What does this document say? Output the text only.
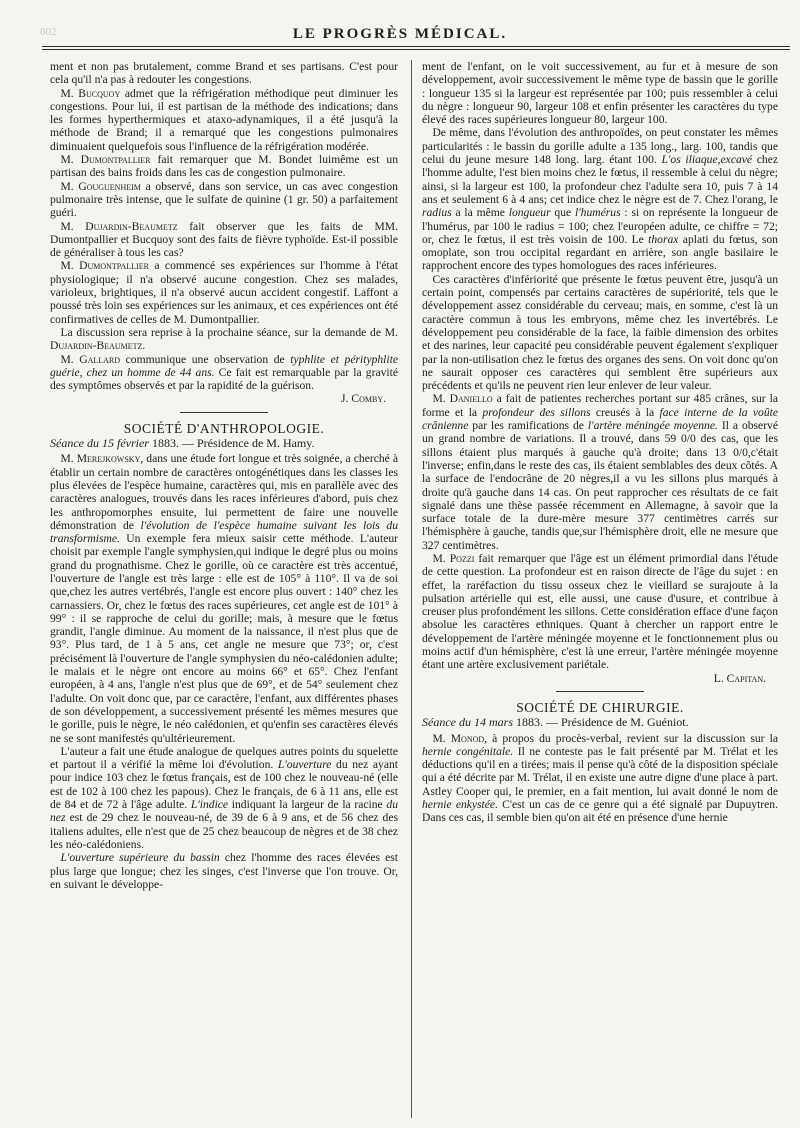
602	LE PROGRÈS MÉDICAL.

ment et non pas brutalement, comme Brand et ses partisans. C'est pour cela qu'il n'a pas à redouter les congestions.

M. Bucquoy admet que la réfrigération méthodique peut diminuer les congestions. Pour lui, il est partisan de la méthode des indications; dans les formes hyperthermiques et ataxo-adynamiques, il a été jusqu'à la méthode de Brand; il a remarqué que les congestions pulmonaires diminuaient quelquefois sous l'influence de la réfrigération modérée.

M. Dumontpallier fait remarquer que M. Bondet luimême est un partisan des bains froids dans les cas de congestion pulmonaire.

M. Gouguenheim a observé, dans son service, un cas avec congestion pulmonaire très intense, que le sulfate de quinine (1 gr. 50) a parfaitement guéri.

M. Dujardin-Beaumetz fait observer que les faits de MM. Dumontpallier et Bucquoy sont des faits de fièvre typhoïde. Est-il possible de généraliser à tous les cas?

M. Dumontpallier a commencé ses expériences sur l'homme à l'état physiologique; il n'a observé aucune congestion. Chez ses malades, varioleux, brightiques, il n'a observé aucun accident congestif. Laffont a poussé très loin ses expériences sur les animaux, et ces expériences ont été confirmatives de celles de M. Dumontpallier.

La discussion sera reprise à la prochaine séance, sur la demande de M. Dujardin-Beaumetz.

M. Gallard communique une observation de typhlite et pérityphlite guérie, chez un homme de 44 ans. Ce fait est remarquable par la gravité des symptômes observés et par la rapidité de la guérison.

J. Comby.

SOCIÉTÉ D'ANTHROPOLOGIE.

Séance du 15 février 1883. — Présidence de M. Hamy.

M. Merejkowsky, dans une étude fort longue et très soignée, a cherché à établir un certain nombre de caractères ontogénétiques dans les classes les plus élevées de l'espèce humaine, caractères qui, mis en parallèle avec des caractères analogues, trouvés dans les races inférieures d'abord, puis chez les anthropomorphes ensuite, lui permettent de faire une nouvelle démonstration de l'évolution de l'espèce humaine suivant les lois du transformisme. Un exemple fera mieux saisir cette méthode. L'auteur choisit par exemple l'angle symphysien,qui indique le degré plus ou moins grand du prognathisme. Chez le gorille, où ce caractère est très accentué, l'ouverture de l'angle est très large : elle est de 105° à 110°. Il va de soi que,chez les autres vertébrés, l'angle est encore plus ouvert : 140° chez les carnassiers. Or, chez le fœtus des races supérieures, cet angle est de 101° à 99° : il se rapproche de celui du gorille; mais, à mesure que le fœtus grandit, l'angle diminue. Au moment de la naissance, il n'est plus que de 93°. Plus tard, de 1 à 5 ans, cet angle ne mesure que 73°; or, c'est précisément là l'ouverture de l'angle symphysien du néo-calédonien adulte; le malais et le nègre ont encore au moins 66° et 65°. Chez l'enfant européen, à 4 ans, l'angle n'est plus que de 69°, et de 54° seulement chez l'adulte. On voit donc que, par ce caractère, l'enfant, aux différentes phases de son développement, a successivement présenté les mêmes mesures que le gorille, puis le nègre, le néo calédonien, et qu'enfin ses caractères élevés ne se sont manifestés qu'ultérieurement.

L'auteur a fait une étude analogue de quelques autres points du squelette et partout il a vérifié la même loi d'évolution. L'ouverture du nez ayant pour indice 103 chez le fœtus français, est de 100 chez le nouveau-né (elle est de 102 à 100 chez les papous). Chez le français, de 6 à 11 ans, elle est de 84 et de 72 à l'âge adulte. L'indice indiquant la largeur de la racine du nez est de 29 chez le nouveau-né, de 39 de 6 à 9 ans, et de 56 chez des italiens adultes, elle n'est que de 25 chez beaucoup de nègres et de 38 chez les néo-calédoniens.

L'ouverture supérieure du bassin chez l'homme des races élevées est plus large que longue; chez les singes, c'est l'inverse que l'on trouve. Or, en suivant le développe-

ment de l'enfant, on le voit successivement, au fur et à mesure de son développement, avoir successivement le même type de bassin que le gorille : longueur 135 si la largeur est représentée par 100; puis ressembler à celui du nègre : longueur 90, largeur 108 et enfin présenter les caractères du type élevé des races supérieures longueur 80, largeur 100.

De même, dans l'évolution des anthropoïdes, on peut constater les mêmes particularités : le bassin du gorille adulte a 135 long., larg. 100, tandis que celui du jeune mesure 148 long. larg. étant 100. L'os iliaque,excavé chez l'homme adulte, l'est bien moins chez le fœtus, il ressemble à celui du nègre; ainsi, si la largeur est 100, la profondeur chez l'adulte sera 10, puis 7 à 14 ans et seulement 6 à 4 ans; cet indice chez le nègre est de 7. Chez l'orang, le radius a la même longueur que l'humérus : si on représente la longueur de l'humérus, par 100 le radius = 100; chez l'européen adulte, ce chiffre = 72; or, chez le fœtus, il est très voisin de 100. Le thorax aplati du fœtus, son omoplate, son trou occipital regardant en arrière, son angle basilaire le rapprochent encore des types homologues des races inférieures.

Ces caractères d'infériorité que présente le fœtus peuvent être, jusqu'à un certain point, compensés par certains caractères de supériorité, tels que le développement assez considérable du cerveau; mais, en somme, c'est là un caractère commun à tous les embryons, même chez les invertébrés. Le développement peu considérable de la face, la faible dimension des orbites et des narines, leur capacité peu considérable peuvent également s'expliquer par la non-utilisation chez le fœtus des organes des sens. On voit donc qu'on ne saurait opposer ces caractères qui semblent être supérieurs aux précédents et qu'ils ne peuvent rien leur enlever de leur valeur.

M. Daniello a fait de patientes recherches portant sur 485 crânes, sur la forme et la profondeur des sillons creusés à la face interne de la voûte crânienne par les ramifications de l'artère méningée moyenne. Il a observé un grand nombre de variations. Il a trouvé, dans 59 0/0 des cas, que les sillons étaient plus marqués à gauche qu'à droite; dans 13 0/0,c'était l'inverse; enfin,dans le reste des cas, ils étaient semblables des deux côtés. A la surface de l'endocrâne de 20 nègres,il a vu les sillons plus marqués à droite qu'à gauche dans 14 cas. On peut rapprocher ces résultats de ce fait signalé dans une thèse passée récemment en Allemagne, à savoir que la surface totale de la dure-mère mesure 377 centimètres carrés sur l'hémisphère à gauche, tandis que,sur l'hémisphère droit, elle ne mesure que 327 centimètres.

M. Pozzi fait remarquer que l'âge est un élément primordial dans l'étude de cette question. La profondeur est en raison directe de l'âge du sujet : en effet, la raréfaction du tissu osseux chez le vieillard se surajoute à la pulsation artérielle qui est, elle aussi, une cause d'usure, et contribue à creuser plus profondément les sillons. Cette considération efface d'une façon absolue les caractères ethniques. Quant à chercher un rapport entre le développement de l'artère méningée moyenne et le fonctionnement plus ou moins actif d'un hémisphère, c'est là une erreur, l'artère méningée moyenne étant une artère exclusivement pariétale.

L. Capitan.

SOCIÉTÉ DE CHIRURGIE.

Séance du 14 mars 1883. — Présidence de M. Guéniot.

M. Monod, à propos du procès-verbal, revient sur la discussion sur la hernie congénitale. Il ne conteste pas le fait présenté par M. Trélat et les déductions qu'il en a tirées; mais il pense qu'à côté de la disposition spéciale qui a été décrite par M. Trélat, il en existe une autre digne d'une place à part. Astley Cooper qui, le premier, en a fait mention, lui avait donné le nom de hernie enkystée. C'est un cas de ce genre qui a été signalé par Dupuytren. Dans ces cas, il semble bien qu'on ait été en présence d'une hernie
